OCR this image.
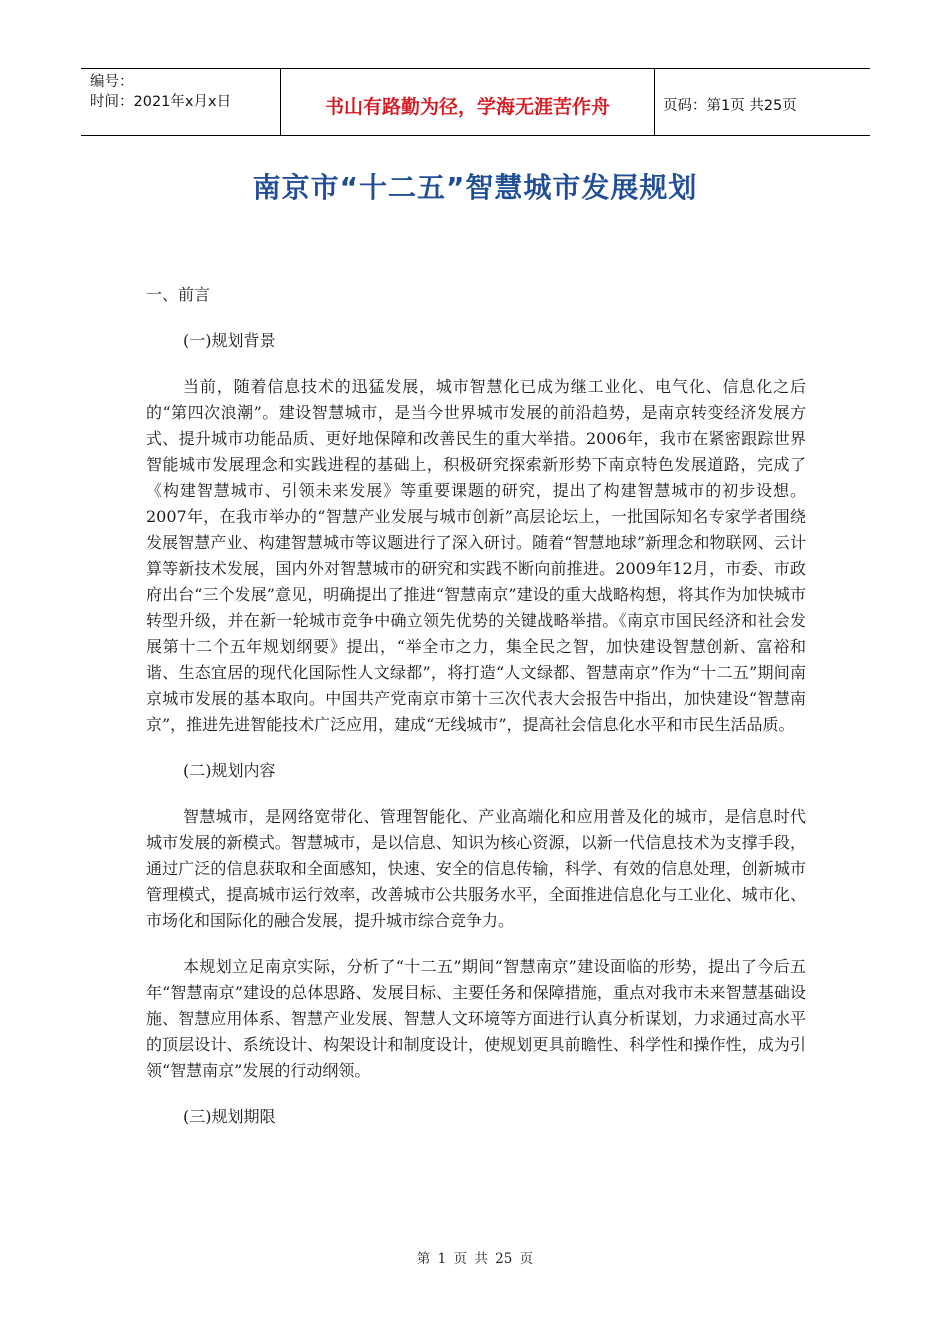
编号：
时间：2021年x月x日	书山有路勤为径，学海无涯苦作舟	页码：第1页 共25页
南京市“十二五”智慧城市发展规划

一、前言

(一)规划背景

当前，随着信息技术的迅猛发展，城市智慧化已成为继工业化、电气化、信息化之后的“第四次浪潮”。建设智慧城市，是当今世界城市发展的前沿趋势，是南京转变经济发展方式、提升城市功能品质、更好地保障和改善民生的重大举措。2006年，我市在紧密跟踪世界智能城市发展理念和实践进程的基础上，积极研究探索新形势下南京特色发展道路，完成了《构建智慧城市、引领未来发展》等重要课题的研究，提出了构建智慧城市的初步设想。2007年，在我市举办的“智慧产业发展与城市创新”高层论坛上，一批国际知名专家学者围绕发展智慧产业、构建智慧城市等议题进行了深入研讨。随着“智慧地球”新理念和物联网、云计算等新技术发展，国内外对智慧城市的研究和实践不断向前推进。2009年12月，市委、市政府出台“三个发展”意见，明确提出了推进“智慧南京”建设的重大战略构想，将其作为加快城市转型升级，并在新一轮城市竞争中确立领先优势的关键战略举措。《南京市国民经济和社会发展第十二个五年规划纲要》提出，“举全市之力，集全民之智，加快建设智慧创新、富裕和谐、生态宜居的现代化国际性人文绿都”，将打造“人文绿都、智慧南京”作为“十二五”期间南京城市发展的基本取向。中国共产党南京市第十三次代表大会报告中指出，加快建设“智慧南京”，推进先进智能技术广泛应用，建成“无线城市”，提高社会信息化水平和市民生活品质。

(二)规划内容

智慧城市，是网络宽带化、管理智能化、产业高端化和应用普及化的城市，是信息时代城市发展的新模式。智慧城市，是以信息、知识为核心资源，以新一代信息技术为支撑手段，通过广泛的信息获取和全面感知，快速、安全的信息传输，科学、有效的信息处理，创新城市管理模式，提高城市运行效率，改善城市公共服务水平，全面推进信息化与工业化、城市化、市场化和国际化的融合发展，提升城市综合竞争力。

本规划立足南京实际，分析了“十二五”期间“智慧南京”建设面临的形势，提出了今后五年“智慧南京”建设的总体思路、发展目标、主要任务和保障措施，重点对我市未来智慧基础设施、智慧应用体系、智慧产业发展、智慧人文环境等方面进行认真分析谋划，力求通过高水平的顶层设计、系统设计、构架设计和制度设计，使规划更具前瞻性、科学性和操作性，成为引领“智慧南京”发展的行动纲领。

(三)规划期限

第 1 页 共 25 页
